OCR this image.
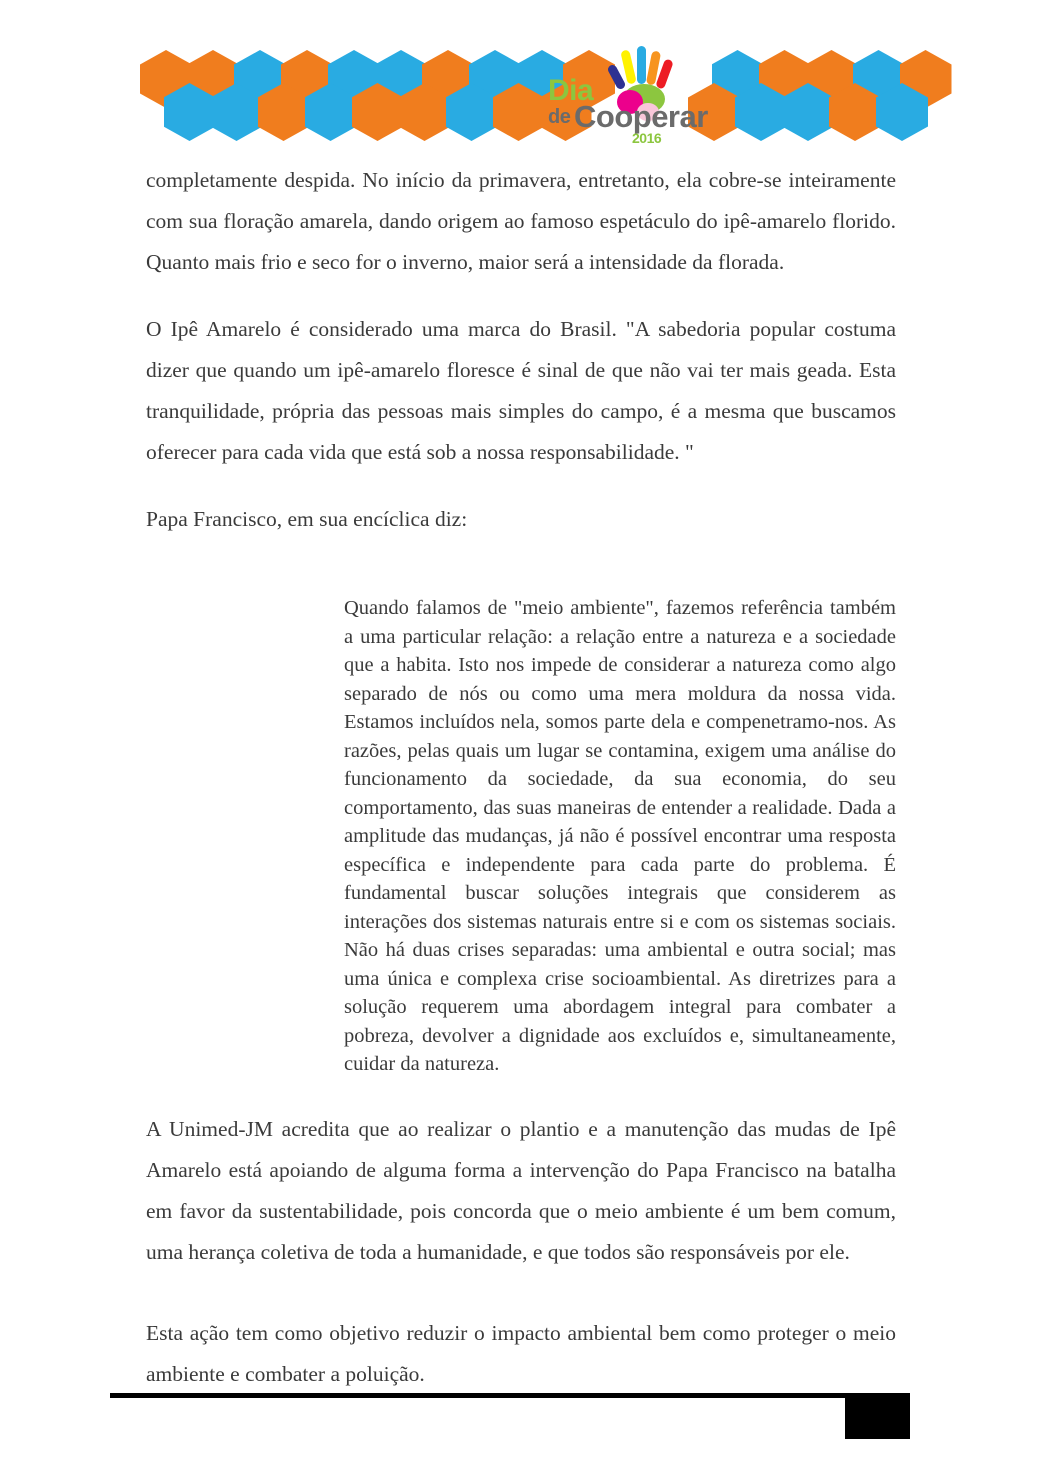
Dia
de Cooperar
2016

completamente despida. No início da primavera, entretanto, ela cobre-se inteiramente com sua floração amarela, dando origem ao famoso espetáculo do ipê-amarelo florido. Quanto mais frio e seco for o inverno, maior será a intensidade da florada.

O Ipê Amarelo é considerado uma marca do Brasil. "A sabedoria popular costuma dizer que quando um ipê-amarelo floresce é sinal de que não vai ter mais geada. Esta tranquilidade, própria das pessoas mais simples do campo, é a mesma que buscamos oferecer para cada vida que está sob a nossa responsabilidade. "

Papa Francisco, em sua encíclica diz:

Quando falamos de "meio ambiente", fazemos referência também a uma particular relação: a relação entre a natureza e a sociedade que a habita. Isto nos impede de considerar a natureza como algo separado de nós ou como uma mera moldura da nossa vida. Estamos incluídos nela, somos parte dela e compenetramo-nos. As razões, pelas quais um lugar se contamina, exigem uma análise do funcionamento da sociedade, da sua economia, do seu comportamento, das suas maneiras de entender a realidade. Dada a amplitude das mudanças, já não é possível encontrar uma resposta específica e independente para cada parte do problema. É fundamental buscar soluções integrais que considerem as interações dos sistemas naturais entre si e com os sistemas sociais. Não há duas crises separadas: uma ambiental e outra social; mas uma única e complexa crise socioambiental. As diretrizes para a solução requerem uma abordagem integral para combater a pobreza, devolver a dignidade aos excluídos e, simultaneamente, cuidar da natureza.

A Unimed-JM acredita que ao realizar o plantio e a manutenção das mudas de Ipê Amarelo está apoiando de alguma forma a intervenção do Papa Francisco na batalha em favor da sustentabilidade, pois concorda que o meio ambiente é um bem comum, uma herança coletiva de toda a humanidade, e que todos são responsáveis por ele.

Esta ação tem como objetivo reduzir o impacto ambiental bem como proteger o meio ambiente e combater a poluição.
